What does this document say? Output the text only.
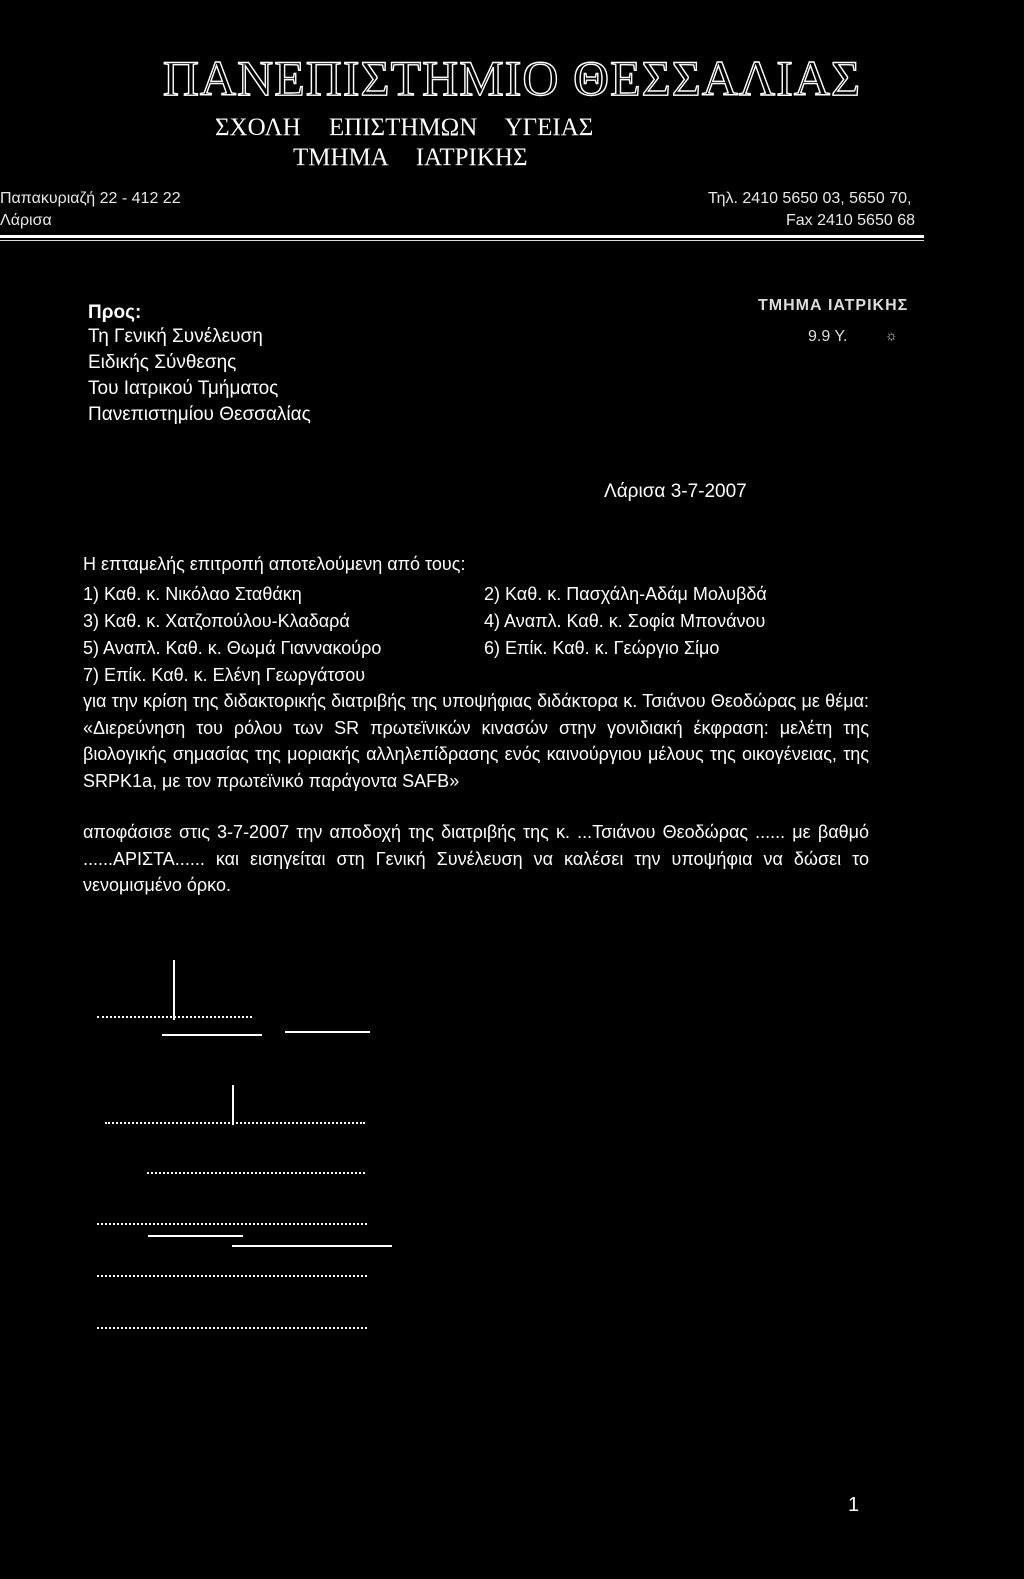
ΠΑΝΕΠΙΣΤΗΜΙΟ ΘΕΣΣΑΛΙΑΣ
ΣΧΟΛΗ ΕΠΙΣΤΗΜΩΝ ΥΓΕΙΑΣ
ΤΜΗΜΑ ΙΑΤΡΙΚΗΣ
Παπακυριαζή 22 - 412 22
Λάρισα
Τηλ. 2410 5650 03, 5650 70,
Fax 2410 5650 68
Προς:
Τη Γενική Συνέλευση
Ειδικής Σύνθεσης
Του Ιατρικού Τμήματος
Πανεπιστημίου Θεσσαλίας
ΤΜΗΜΑ ΙΑΤΡΙΚΗΣ
9.9 Υ.	☼
Λάρισα 3-7-2007
Η επταμελής επιτροπή αποτελούμενη από τους:
1) Καθ. κ. Νικόλαο Σταθάκη	2) Καθ. κ. Πασχάλη-Αδάμ Μολυβδά
3) Καθ. κ. Χατζοπούλου-Κλαδαρά	4) Αναπλ. Καθ. κ. Σοφία Μπονάνου
5) Αναπλ. Καθ. κ. Θωμά Γιαννακούρο	6) Επίκ. Καθ. κ. Γεώργιο Σίμο
7) Επίκ. Καθ. κ. Ελένη Γεωργάτσου
για την κρίση της διδακτορικής διατριβής της υποψήφιας διδάκτορα κ. Τσιάνου Θεοδώρας με θέμα: «Διερεύνηση του ρόλου των SR πρωτεϊνικών κινασών στην γονιδιακή έκφραση: μελέτη της βιολογικής σημασίας της μοριακής αλληλεπίδρασης ενός καινούργιου μέλους της οικογένειας, της SRPK1a, με τον πρωτεϊνικό παράγοντα SAFB»
αποφάσισε στις 3-7-2007 την αποδοχή της διατριβής της κ. ...Τσιάνου Θεοδώρας ...... με βαθμό ......ΑΡΙΣΤΑ...... και εισηγείται στη Γενική Συνέλευση να καλέσει την υποψήφια να δώσει το νενομισμένο όρκο.
1
